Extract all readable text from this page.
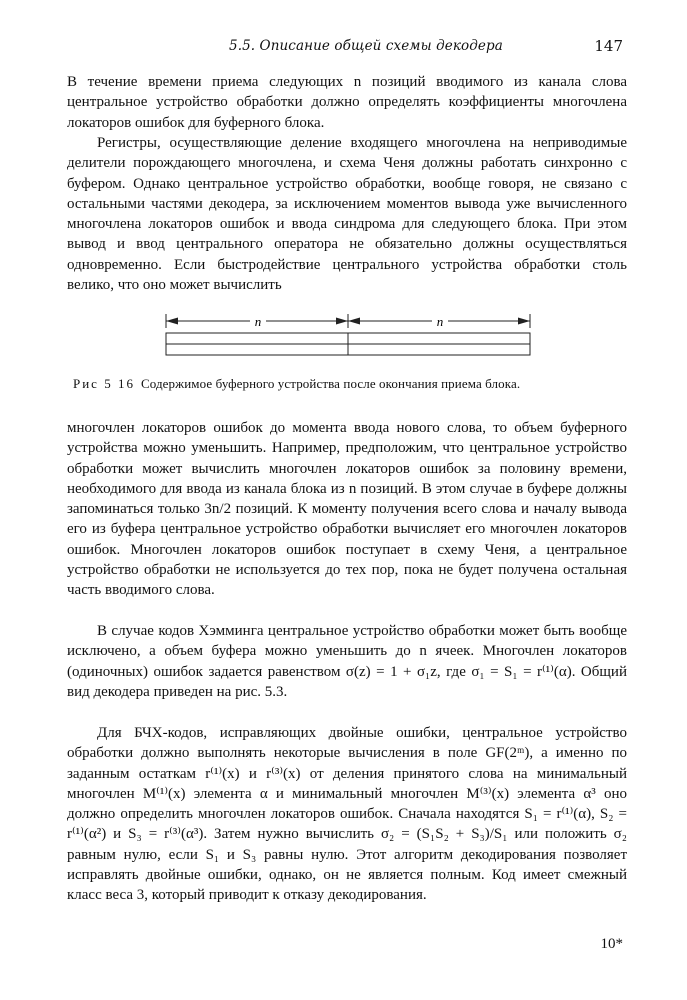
5.5. Описание общей схемы декодера	147

В течение времени приема следующих n позиций вводимого из канала слова центральное устройство обработки должно определять коэффициенты многочлена локаторов ошибок для буферного блока.

Регистры, осуществляющие деление входящего многочлена на неприводимые делители порождающего многочлена, и схема Ченя должны работать синхронно с буфером. Однако центральное устройство обработки, вообще говоря, не связано с остальными частями декодера, за исключением моментов вывода уже вычисленного многочлена локаторов ошибок и ввода синдрома для следующего блока. При этом вывод и ввод центрального оператора не обязательно должны осуществляться одновременно. Если быстродействие центрального устройства обработки столь велико, что оно может вычислить

n	n
Рис 5 16 Содержимое буферного устройства после окончания приема блока.

многочлен локаторов ошибок до момента ввода нового слова, то объем буферного устройства можно уменьшить. Например, предположим, что центральное устройство обработки может вычислить многочлен локаторов ошибок за половину времени, необходимого для ввода из канала блока из n позиций. В этом случае в буфере должны запоминаться только 3n/2 позиций. К моменту получения всего слова и началу вывода его из буфера центральное устройство обработки вычисляет его многочлен локаторов ошибок. Многочлен локаторов ошибок поступает в схему Ченя, а центральное устройство обработки не используется до тех пор, пока не будет получена остальная часть вводимого слова.

В случае кодов Хэмминга центральное устройство обработки может быть вообще исключено, а объем буфера можно уменьшить до n ячеек. Многочлен локаторов (одиночных) ошибок задается равенством σ(z) = 1 + σ₁z, где σ₁ = S₁ = r⁽¹⁾(α). Общий вид декодера приведен на рис. 5.3.

Для БЧХ-кодов, исправляющих двойные ошибки, центральное устройство обработки должно выполнять некоторые вычисления в поле GF(2ᵐ), а именно по заданным остаткам r⁽¹⁾(x) и r⁽³⁾(x) от деления принятого слова на минимальный многочлен M⁽¹⁾(x) элемента α и минимальный многочлен M⁽³⁾(x) элемента α³ оно должно определить многочлен локаторов ошибок. Сначала находятся S₁ = r⁽¹⁾(α), S₂ = r⁽¹⁾(α²) и S₃ = r⁽³⁾(α³). Затем нужно вычислить σ₂ = (S₁S₂ + S₃)/S₁ или положить σ₂ равным нулю, если S₁ и S₃ равны нулю. Этот алгоритм декодирования позволяет исправлять двойные ошибки, однако, он не является полным. Код имеет смежный класс веса 3, который приводит к отказу декодирования.

10*
